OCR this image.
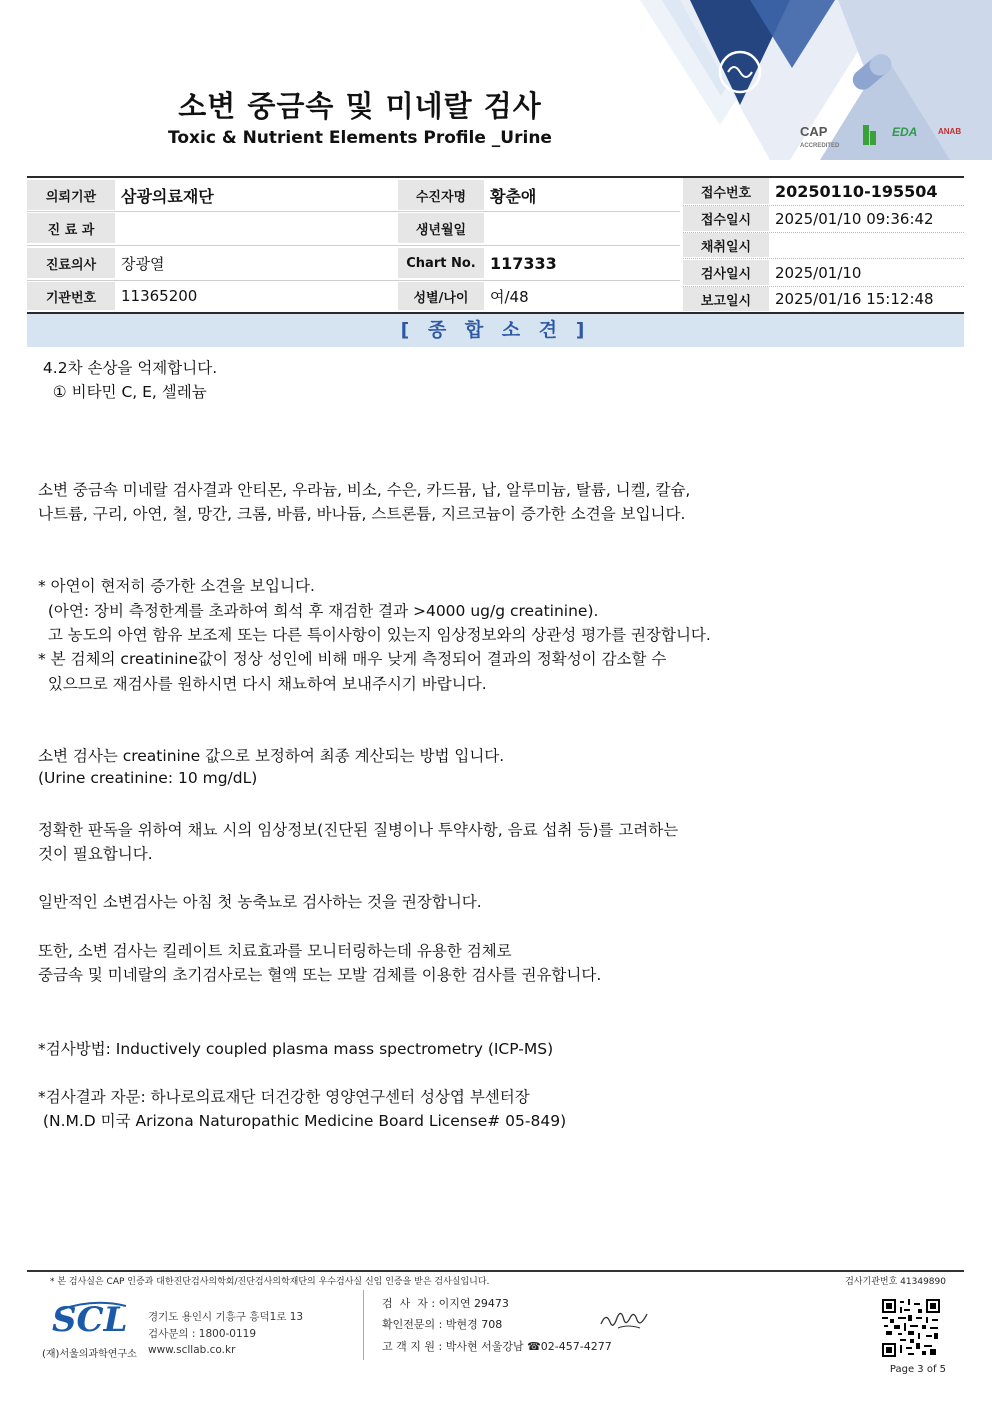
소변 중금속 및 미네랄 검사
Toxic & Nutrient Elements Profile _Urine	CAP
ACCREDITED
EDA	ANAB
의뢰기관	삼광의료재단
진 료 과
진료의사	장광열
기관번호	11365200
수진자명	황춘애
생년월일
Chart No. 117333
성별/나이	여/48
접수번호	20250110-195504
접수일시	2025/01/10 09:36:42
채취일시
검사일시	2025/01/10
보고일시	2025/01/16 15:12:48
[ 종 합 소 견 ]
4.2차 손상을 억제합니다.
① 비타민 C, E, 셀레늄
소변 중금속 미네랄 검사결과 안티몬, 우라늄, 비소, 수은, 카드뮴, 납, 알루미늄, 탈륨, 니켈, 칼슘,
나트륨, 구리, 아연, 철, 망간, 크롬, 바륨, 바나듐, 스트론튬, 지르코늄이 증가한 소견을 보입니다.
* 아연이 현저히 증가한 소견을 보입니다.
(아연: 장비 측정한계를 초과하여 희석 후 재검한 결과 >4000 ug/g creatinine).
고 농도의 아연 함유 보조제 또는 다른 특이사항이 있는지 임상정보와의 상관성 평가를 권장합니다.
* 본 검체의 creatinine값이 정상 성인에 비해 매우 낮게 측정되어 결과의 정확성이 감소할 수
있으므로 재검사를 원하시면 다시 채뇨하여 보내주시기 바랍니다.
소변 검사는 creatinine 값으로 보정하여 최종 계산되는 방법 입니다.
(Urine creatinine: 10 mg/dL)
정확한 판독을 위하여 채뇨 시의 임상정보(진단된 질병이나 투약사항, 음료 섭취 등)를 고려하는
것이 필요합니다.
일반적인 소변검사는 아침 첫 농축뇨로 검사하는 것을 권장합니다.
또한, 소변 검사는 킬레이트 치료효과를 모니터링하는데 유용한 검체로
중금속 및 미네랄의 초기검사로는 혈액 또는 모발 검체를 이용한 검사를 권유합니다.
*검사방법: Inductively coupled plasma mass spectrometry (ICP-MS)
*검사결과 자문: 하나로의료재단 더건강한 영양연구센터 성상엽 부센터장
(N.M.D 미국 Arizona Naturopathic Medicine Board License# 05-849)
* 본 검사실은 CAP 인증과 대한진단검사의학회/진단검사의학재단의 우수검사실 신임 인증을 받은 검사실입니다.	검사기관번호 41349890
SCL
(재)서울의과학연구소
경기도 용인시 기흥구 흥덕1로 13
검사문의 : 1800-0119
www.scllab.co.kr
검  사  자 : 이지연 29473
확인전문의 : 박현경 708
고 객 지 원 : 박사현 서울강남 ☎02-457-4277
Page 3 of 5
